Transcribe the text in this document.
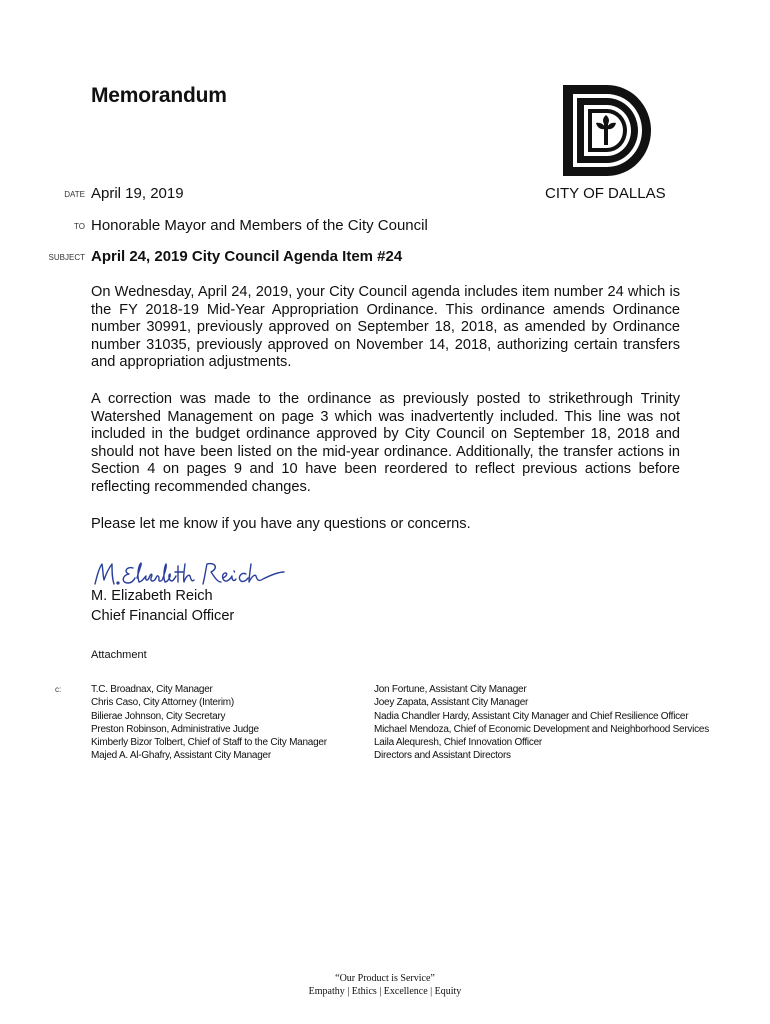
Memorandum
DATE April 19, 2019	CITY OF DALLAS
TO Honorable Mayor and Members of the City Council
SUBJECT April 24, 2019 City Council Agenda Item #24
On Wednesday, April 24, 2019, your City Council agenda includes item number 24 which is the FY 2018-19 Mid-Year Appropriation Ordinance. This ordinance amends Ordinance number 30991, previously approved on September 18, 2018, as amended by Ordinance number 31035, previously approved on November 14, 2018, authorizing certain transfers and appropriation adjustments.
A correction was made to the ordinance as previously posted to strikethrough Trinity Watershed Management on page 3 which was inadvertently included. This line was not included in the budget ordinance approved by City Council on September 18, 2018 and should not have been listed on the mid-year ordinance. Additionally, the transfer actions in Section 4 on pages 9 and 10 have been reordered to reflect previous actions before reflecting recommended changes.
Please let me know if you have any questions or concerns.
M. Elizabeth Reich
Chief Financial Officer
Attachment
c:	T.C. Broadnax, City Manager
Chris Caso, City Attorney (Interim)
Bilierae Johnson, City Secretary
Preston Robinson, Administrative Judge
Kimberly Bizor Tolbert, Chief of Staff to the City Manager
Majed A. Al-Ghafry, Assistant City Manager
Jon Fortune, Assistant City Manager
Joey Zapata, Assistant City Manager
Nadia Chandler Hardy, Assistant City Manager and Chief Resilience Officer
Michael Mendoza, Chief of Economic Development and Neighborhood Services
Laila Alequresh, Chief Innovation Officer
Directors and Assistant Directors
“Our Product is Service”
Empathy | Ethics | Excellence | Equity
